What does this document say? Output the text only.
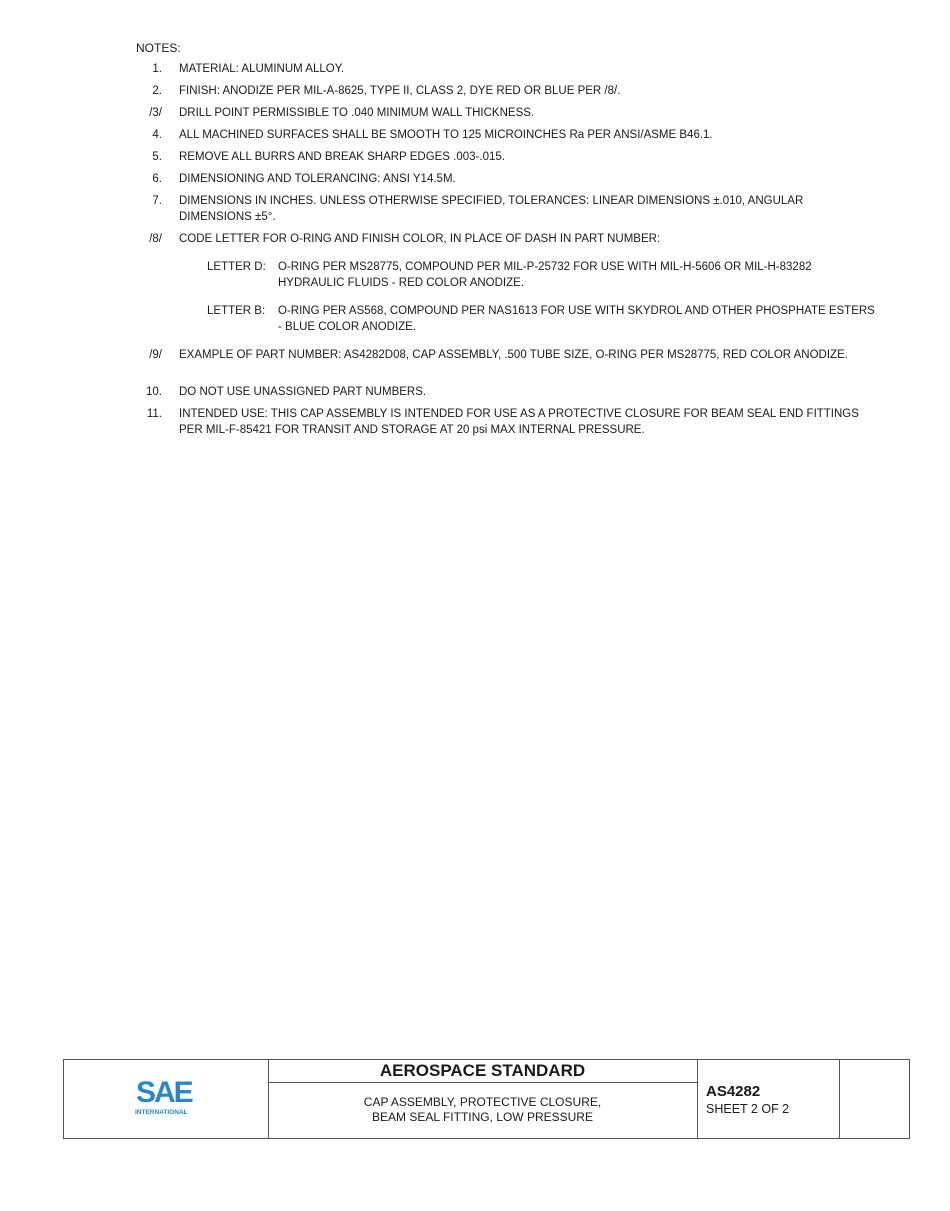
NOTES:
1. MATERIAL: ALUMINUM ALLOY.
2. FINISH: ANODIZE PER MIL-A-8625, TYPE II, CLASS 2, DYE RED OR BLUE PER /8/.
/3/ DRILL POINT PERMISSIBLE TO .040 MINIMUM WALL THICKNESS.
4. ALL MACHINED SURFACES SHALL BE SMOOTH TO 125 MICROINCHES Ra PER ANSI/ASME B46.1.
5. REMOVE ALL BURRS AND BREAK SHARP EDGES .003-.015.
6. DIMENSIONING AND TOLERANCING: ANSI Y14.5M.
7. DIMENSIONS IN INCHES. UNLESS OTHERWISE SPECIFIED, TOLERANCES: LINEAR DIMENSIONS ±.010, ANGULAR DIMENSIONS ±5°.
/8/ CODE LETTER FOR O-RING AND FINISH COLOR, IN PLACE OF DASH IN PART NUMBER:
LETTER D: O-RING PER MS28775, COMPOUND PER MIL-P-25732 FOR USE WITH MIL-H-5606 OR MIL-H-83282 HYDRAULIC FLUIDS - RED COLOR ANODIZE.
LETTER B: O-RING PER AS568, COMPOUND PER NAS1613 FOR USE WITH SKYDROL AND OTHER PHOSPHATE ESTERS - BLUE COLOR ANODIZE.
/9/ EXAMPLE OF PART NUMBER: AS4282D08, CAP ASSEMBLY, .500 TUBE SIZE, O-RING PER MS28775, RED COLOR ANODIZE.
10. DO NOT USE UNASSIGNED PART NUMBERS.
11. INTENDED USE: THIS CAP ASSEMBLY IS INTENDED FOR USE AS A PROTECTIVE CLOSURE FOR BEAM SEAL END FITTINGS PER MIL-F-85421 FOR TRANSIT AND STORAGE AT 20 psi MAX INTERNAL PRESSURE.
SAE
INTERNATIONAL
AEROSPACE STANDARD
CAP ASSEMBLY, PROTECTIVE CLOSURE,
BEAM SEAL FITTING, LOW PRESSURE
AS4282
SHEET 2 OF 2
